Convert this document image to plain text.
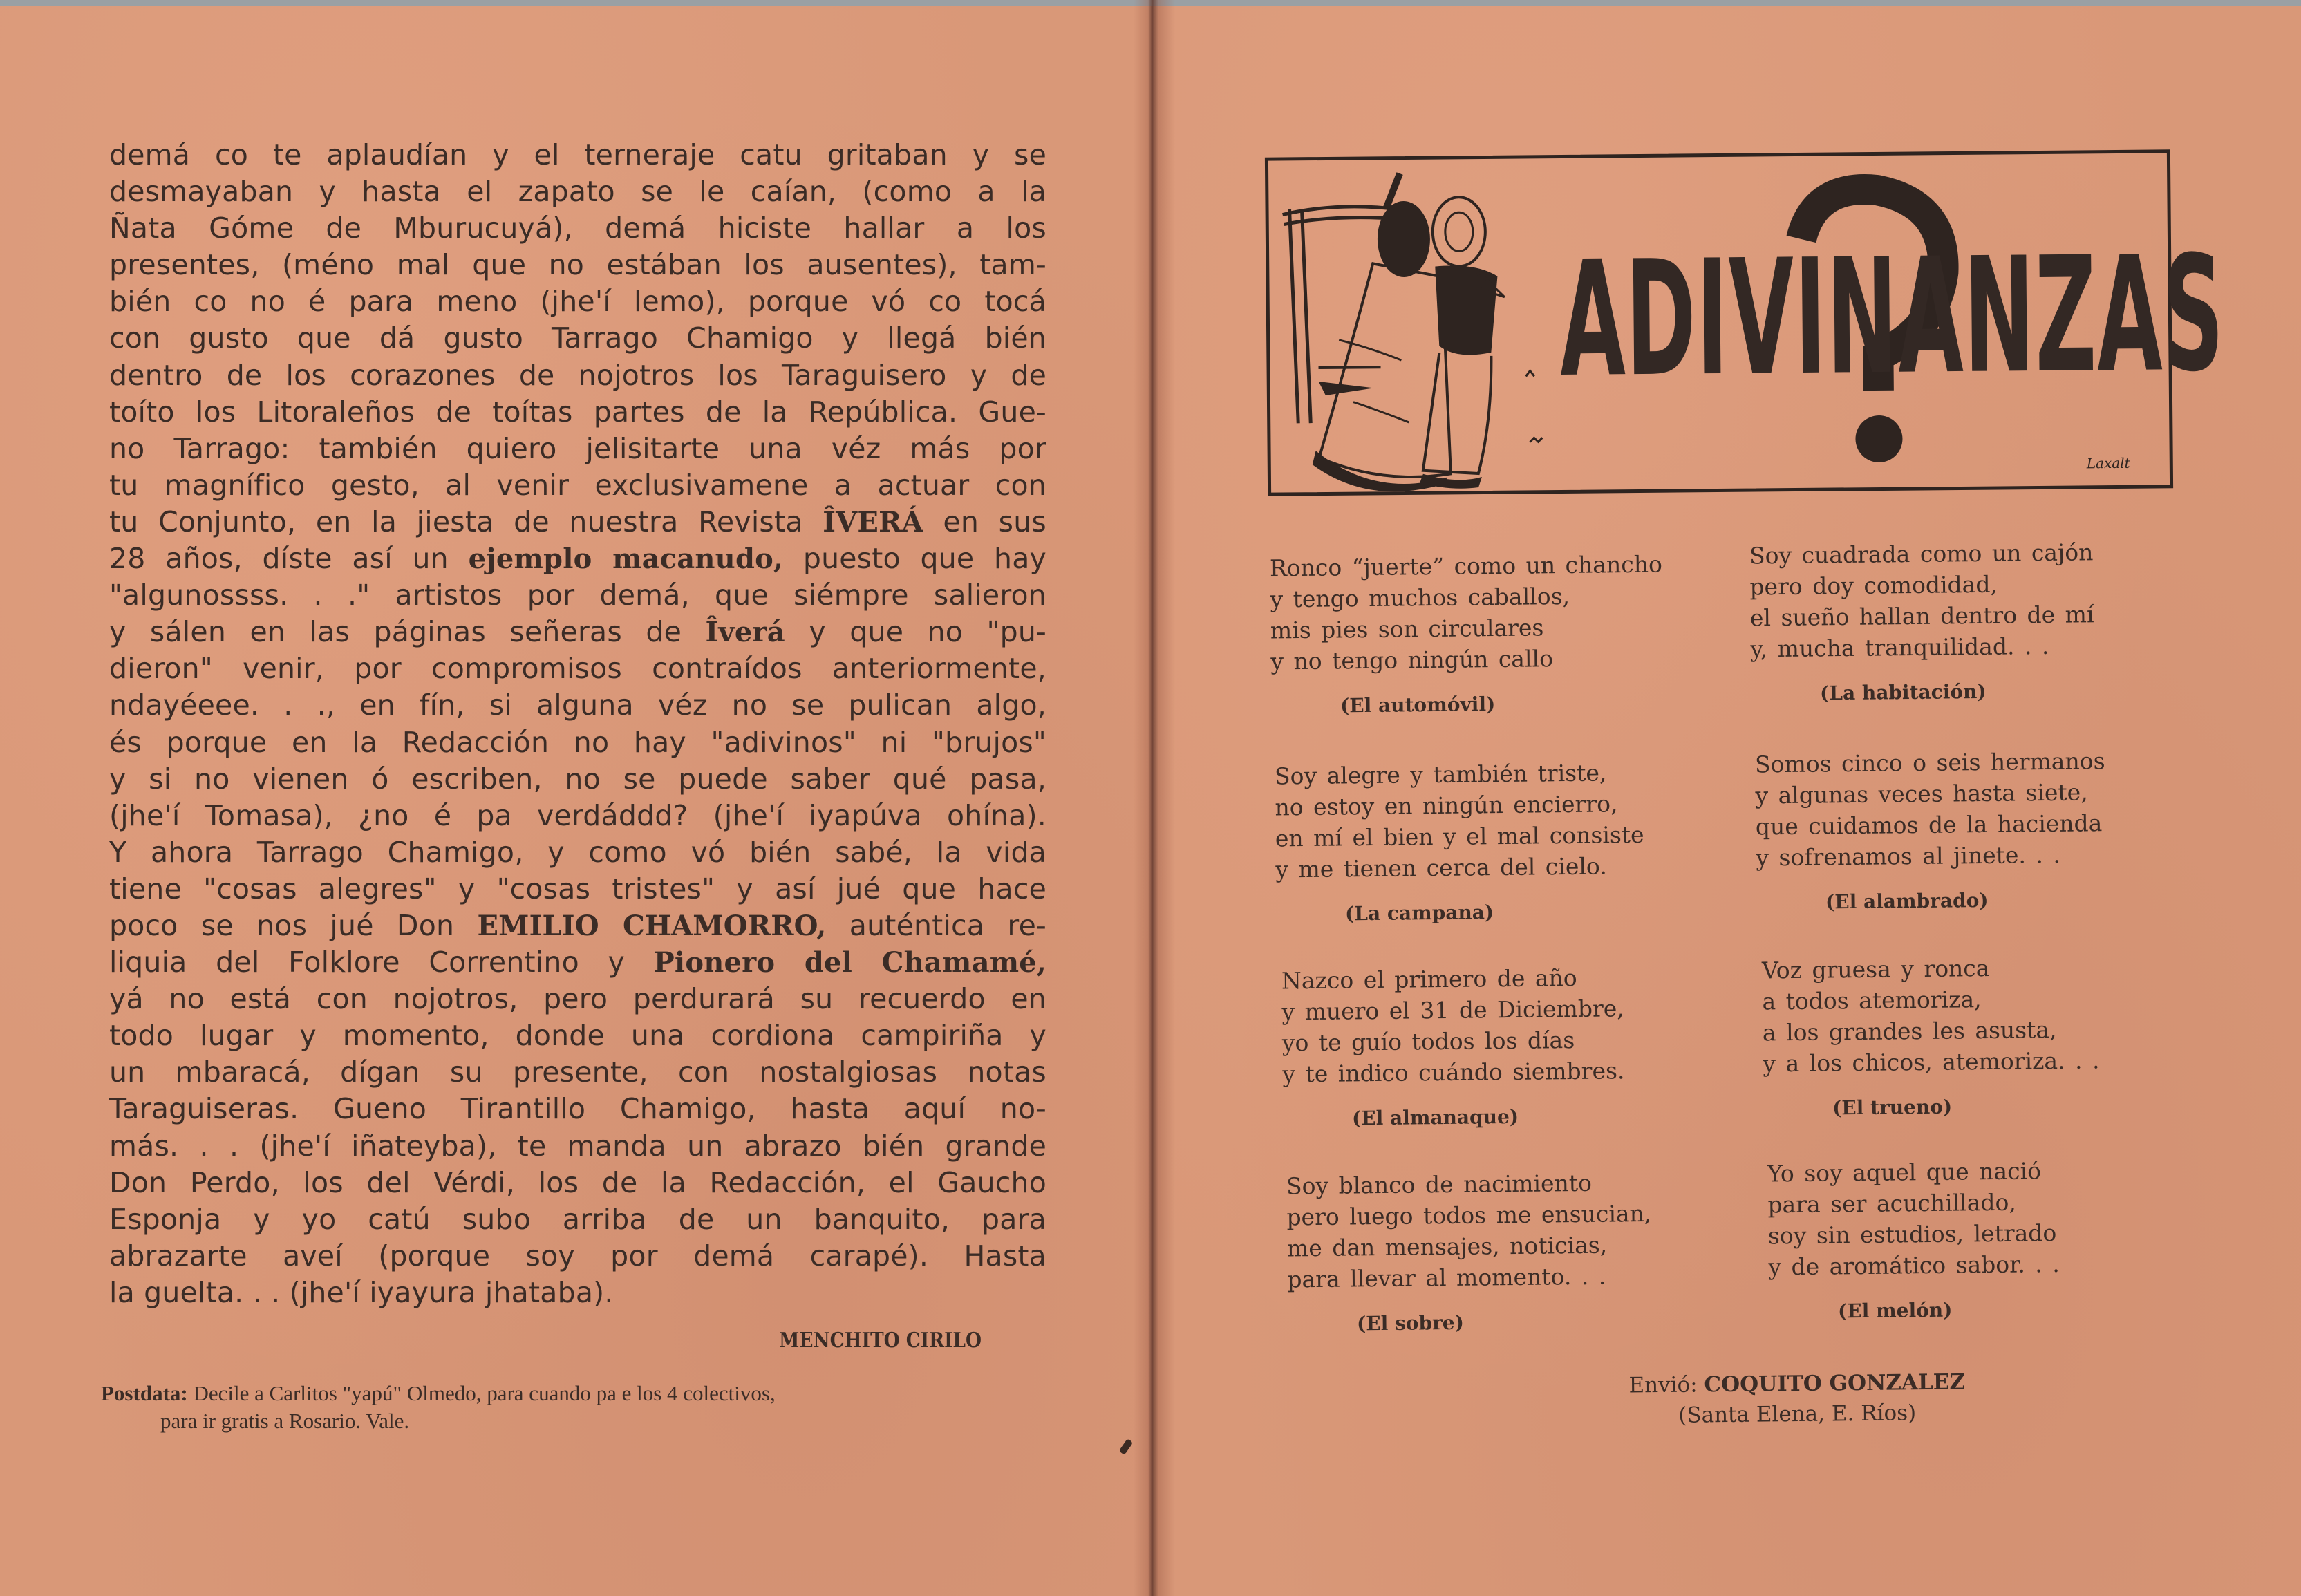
demá co te aplaudían y el terneraje catu gritaban y se
desmayaban y hasta el zapato se le caían, (como a la
Ñata Góme de Mburucuyá), demá hiciste hallar a los
presentes, (méno mal que no estában los ausentes), tam-
bién co no é para meno (jhe'í lemo), porque vó co tocá
con gusto que dá gusto Tarrago Chamigo y llegá bién
dentro de los corazones de nojotros los Taraguisero y de
toíto los Litoraleños de toítas partes de la República. Gue-
no Tarrago: también quiero jelisitarte una véz más por
tu magnífico gesto, al venir exclusivamene a actuar con
tu Conjunto, en la jiesta de nuestra Revista ÎVERÁ en sus
28 años, díste así un ejemplo macanudo, puesto que hay
"algunossss. . ." artistos por demá, que siémpre salieron
y sálen en las páginas señeras de Îverá y que no "pu-
dieron" venir, por compromisos contraídos anteriormente,
ndayéeee. . ., en fín, si alguna véz no se pulican algo,
és porque en la Redacción no hay "adivinos" ni "brujos"
y si no vienen ó escriben, no se puede saber qué pasa,
(jhe'í Tomasa), ¿no é pa verdáddd? (jhe'í iyapúva ohína).
Y ahora Tarrago Chamigo, y como vó bién sabé, la vida
tiene "cosas alegres" y "cosas tristes" y así jué que hace
poco se nos jué Don EMILIO CHAMORRO, auténtica re-
liquia del Folklore Correntino y Pionero del Chamamé,
yá no está con nojotros, pero perdurará su recuerdo en
todo lugar y momento, donde una cordiona campiriña y
un mbaracá, dígan su presente, con nostalgiosas notas
Taraguiseras. Gueno Tirantillo Chamigo, hasta aquí no-
más. . . (jhe'í iñateyba), te manda un abrazo bién grande
Don Perdo, los del Vérdi, los de la Redacción, el Gaucho
Esponja y yo catú subo arriba de un banquito, para
abrazarte aveí (porque soy por demá carapé). Hasta
la guelta. . . (jhe'í iyayura jhataba).
MENCHITO CIRILO
Postdata: Decile a Carlitos "yapú" Olmedo, para cuando pa e los 4 colectivos,
para ir gratis a Rosario. Vale.
Laxalt
ADIVINANZAS
Ronco “juerte” como un chancho
y tengo muchos caballos,
mis pies son circulares
y no tengo ningún callo
(El automóvil)
Soy cuadrada como un cajón
pero doy comodidad,
el sueño hallan dentro de mí
y, mucha tranquilidad. . .
(La habitación)
Soy alegre y también triste,
no estoy en ningún encierro,
en mí el bien y el mal consiste
y me tienen cerca del cielo.
(La campana)
Somos cinco o seis hermanos
y algunas veces hasta siete,
que cuidamos de la hacienda
y sofrenamos al jinete. . .
(El alambrado)
Nazco el primero de año
y muero el 31 de Diciembre,
yo te guío todos los días
y te indico cuándo siembres.
(El almanaque)
Voz gruesa y ronca
a todos atemoriza,
a los grandes les asusta,
y a los chicos, atemoriza. . .
(El trueno)
Soy blanco de nacimiento
pero luego todos me ensucian,
me dan mensajes, noticias,
para llevar al momento. . .
(El sobre)
Yo soy aquel que nació
para ser acuchillado,
soy sin estudios, letrado
y de aromático sabor. . .
(El melón)
Envió: COQUITO GONZALEZ
(Santa Elena, E. Ríos)
